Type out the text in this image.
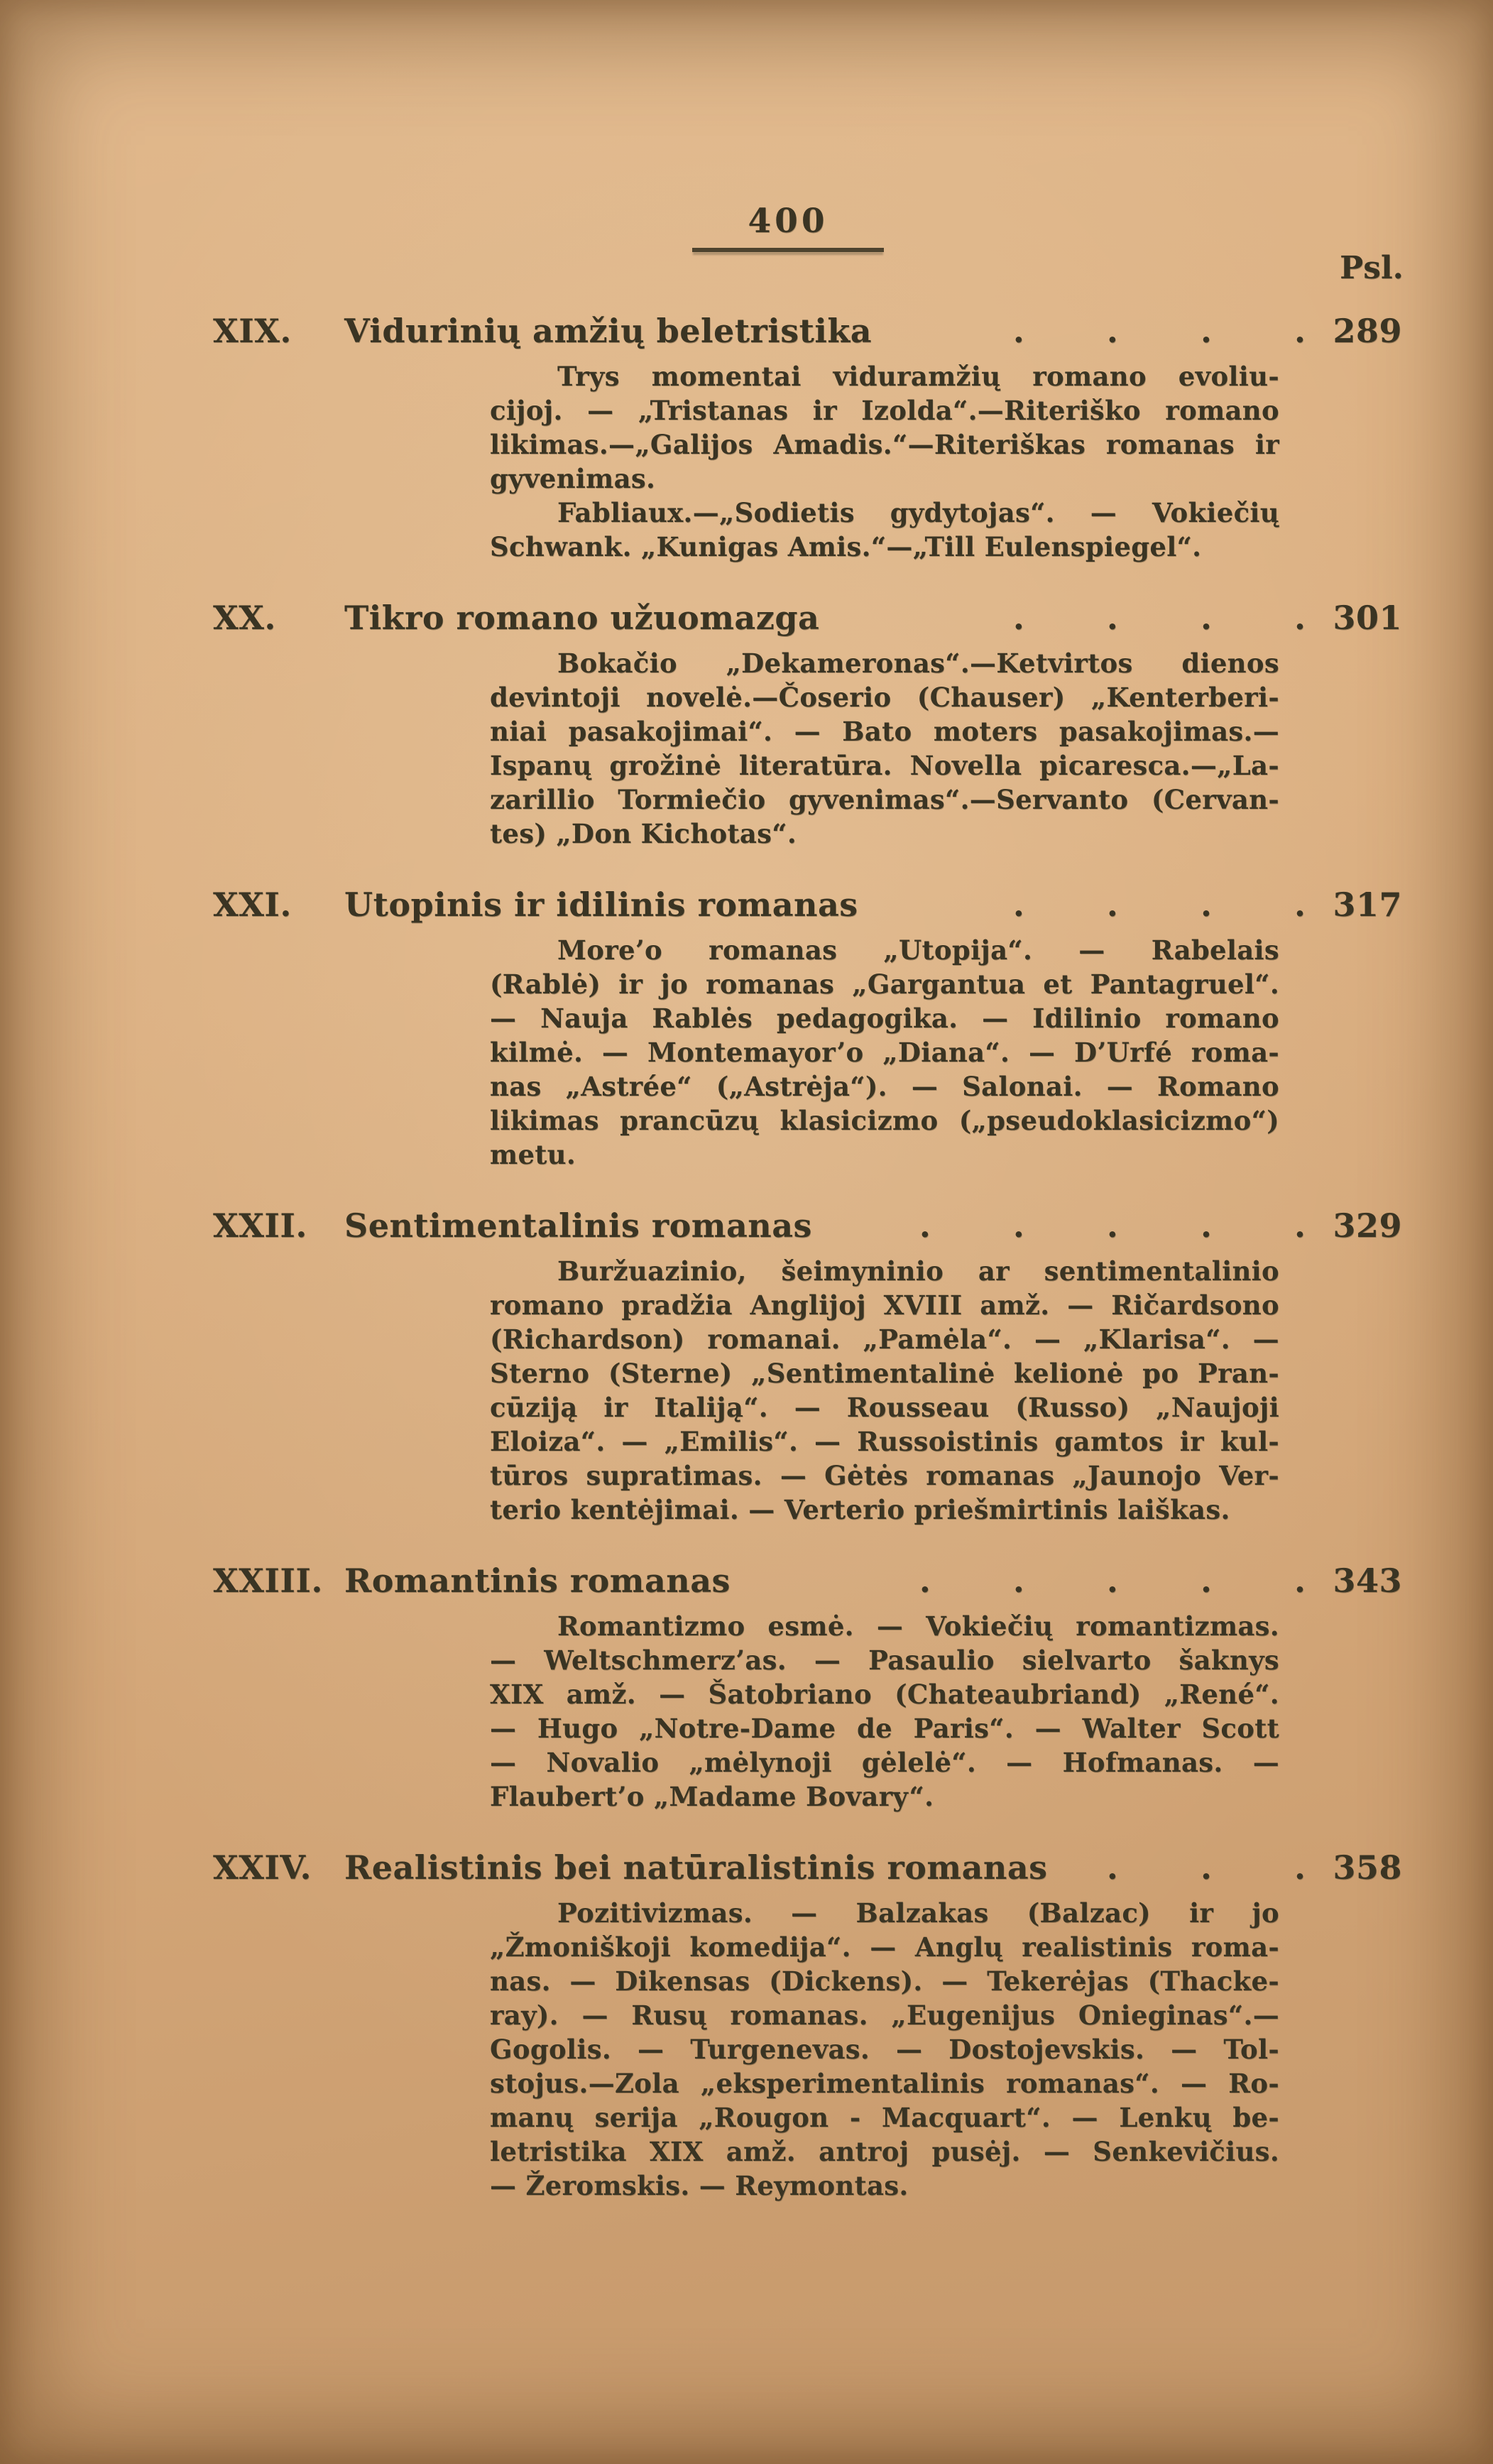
400
Psl.
XIX.	Vidurinių amžių beletristika	. . . . 289
Trys momentai viduramžių romano evoliu-
cijoj. — „Tristanas ir Izolda“.—Riteriško romano
likimas.—„Galijos Amadis.“—Riteriškas romanas ir
gyvenimas.
Fabliaux.—„Sodietis gydytojas“. — Vokiečių
Schwank. „Kunigas Amis.“—„Till Eulenspiegel“.
XX.	Tikro romano užuomazga	. . . . 301
Bokačio „Dekameronas“.—Ketvirtos dienos
devintoji novelė.—Čoserio (Chauser) „Kenterberi-
niai pasakojimai“. — Bato moters pasakojimas.—
Ispanų grožinė literatūra. Novella picaresca.—„La-
zarillio Tormiečio gyvenimas“.—Servanto (Cervan-
tes) „Don Kichotas“.
XXI.	Utopinis ir idilinis romanas	. . . . 317
More’o romanas „Utopija“. — Rabelais
(Rablė) ir jo romanas „Gargantua et Pantagruel“.
— Nauja Rablės pedagogika. — Idilinio romano
kilmė. — Montemayor’o „Diana“. — D’Urfé roma-
nas „Astrée“ („Astrėja“). — Salonai. — Romano
likimas prancūzų klasicizmo („pseudoklasicizmo“)
metu.
XXII.	Sentimentalinis romanas	. . . . . 329
Buržuazinio, šeimyninio ar sentimentalinio
romano pradžia Anglijoj XVIII amž. — Ričardsono
(Richardson) romanai. „Pamėla“. — „Klarisa“. —
Sterno (Sterne) „Sentimentalinė kelionė po Pran-
cūziją ir Italiją“. — Rousseau (Russo) „Naujoji
Eloiza“. — „Emilis“. — Russoistinis gamtos ir kul-
tūros supratimas. — Gėtės romanas „Jaunojo Ver-
terio kentėjimai. — Verterio priešmirtinis laiškas.
XXIII. Romantinis romanas	. . . . . 343
Romantizmo esmė. — Vokiečių romantizmas.
— Weltschmerz’as. — Pasaulio sielvarto šaknys
XIX amž. — Šatobriano (Chateaubriand) „René“.
— Hugo „Notre-Dame de Paris“. — Walter Scott
— Novalio „mėlynoji gėlelė“. — Hofmanas. —
Flaubert’o „Madame Bovary“.
XXIV. Realistinis bei natūralistinis romanas	. . . 358
Pozitivizmas. — Balzakas (Balzac) ir jo
„Žmoniškoji komedija“. — Anglų realistinis roma-
nas. — Dikensas (Dickens). — Tekerėjas (Thacke-
ray). — Rusų romanas. „Eugenijus Onieginas“.—
Gogolis. — Turgenevas. — Dostojevskis. — Tol-
stojus.—Zola „eksperimentalinis romanas“. — Ro-
manų serija „Rougon - Macquart“. — Lenkų be-
letristika XIX amž. antroj pusėj. — Senkevičius.
— Žeromskis. — Reymontas.
